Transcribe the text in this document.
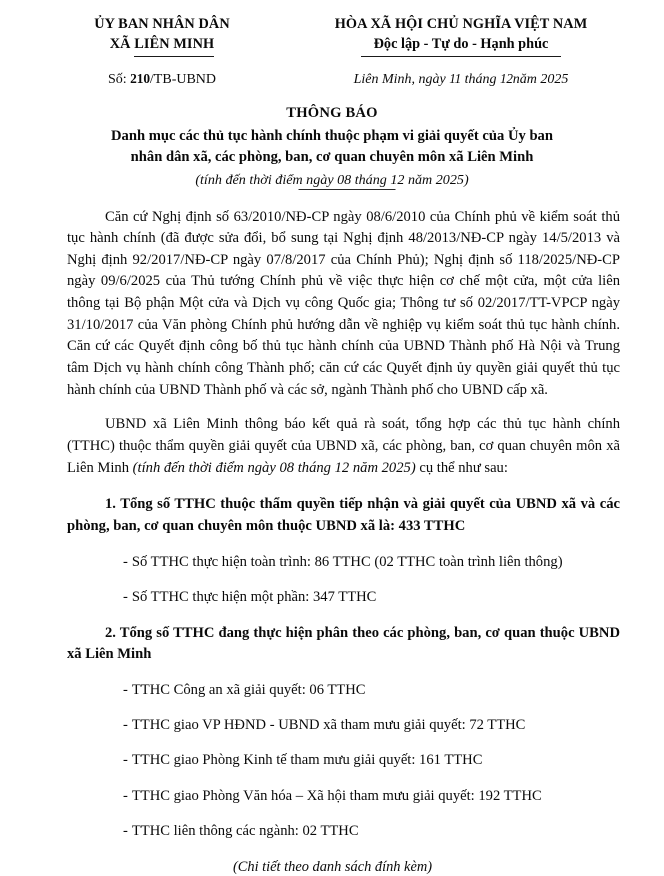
ỦY BAN NHÂN DÂN
XÃ LIÊN MINH
Số: 210/TB-UBND
HÒA XÃ HỘI CHỦ NGHĨA VIỆT NAM
Độc lập - Tự do - Hạnh phúc
Liên Minh, ngày 11 tháng 12năm 2025
THÔNG BÁO
Danh mục các thủ tục hành chính thuộc phạm vi giải quyết của Ủy ban
nhân dân xã, các phòng, ban, cơ quan chuyên môn xã Liên Minh
(tính đến thời điểm ngày 08 tháng 12 năm 2025)

Căn cứ Nghị định số 63/2010/NĐ-CP ngày 08/6/2010 của Chính phủ về kiểm soát thủ tục hành chính (đã được sửa đổi, bổ sung tại Nghị định 48/2013/NĐ-CP ngày 14/5/2013 và Nghị định 92/2017/NĐ-CP ngày 07/8/2017 của Chính Phủ); Nghị định số 118/2025/NĐ-CP ngày 09/6/2025 của Thủ tướng Chính phủ về việc thực hiện cơ chế một cửa, một cửa liên thông tại Bộ phận Một cửa và Dịch vụ công Quốc gia; Thông tư số 02/2017/TT-VPCP ngày 31/10/2017 của Văn phòng Chính phủ hướng dẫn về nghiệp vụ kiểm soát thủ tục hành chính. Căn cứ các Quyết định công bố thủ tục hành chính của UBND Thành phố Hà Nội và Trung tâm Dịch vụ hành chính công Thành phố; căn cứ các Quyết định ủy quyền giải quyết thủ tục hành chính của UBND Thành phố và các sở, ngành Thành phố cho UBND cấp xã.

UBND xã Liên Minh thông báo kết quả rà soát, tổng hợp các thủ tục hành chính (TTHC) thuộc thẩm quyền giải quyết của UBND xã, các phòng, ban, cơ quan chuyên môn xã Liên Minh (tính đến thời điểm ngày 08 tháng 12 năm 2025) cụ thể như sau:

1. Tổng số TTHC thuộc thẩm quyền tiếp nhận và giải quyết của UBND xã và các phòng, ban, cơ quan chuyên môn thuộc UBND xã là: 433 TTHC
- Số TTHC thực hiện toàn trình: 86 TTHC (02 TTHC toàn trình liên thông)
- Số TTHC thực hiện một phần: 347 TTHC
2. Tổng số TTHC đang thực hiện phân theo các phòng, ban, cơ quan thuộc UBND xã Liên Minh
- TTHC Công an xã giải quyết: 06 TTHC
- TTHC giao VP HĐND - UBND xã tham mưu giải quyết: 72 TTHC
- TTHC giao Phòng Kinh tế tham mưu giải quyết: 161 TTHC
- TTHC giao Phòng Văn hóa – Xã hội tham mưu giải quyết: 192 TTHC
- TTHC liên thông các ngành: 02 TTHC
(Chi tiết theo danh sách đính kèm)
